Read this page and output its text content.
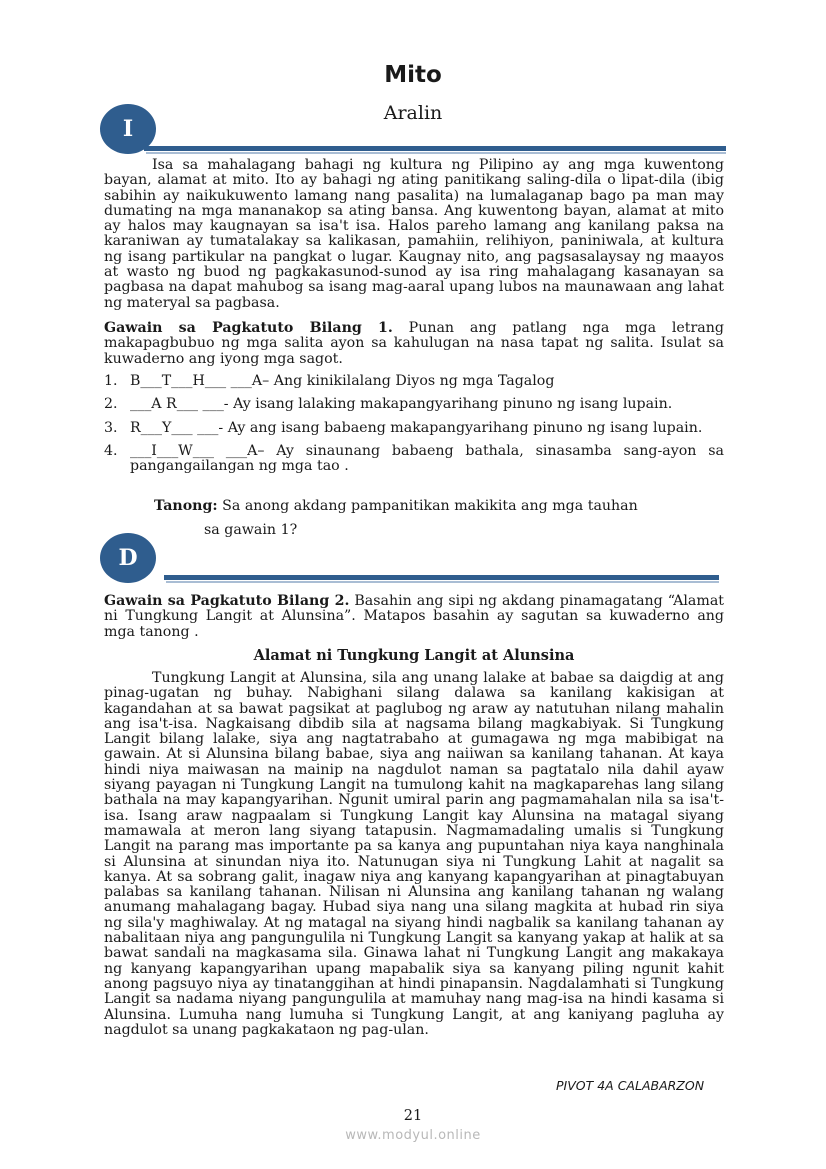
Mito
Aralin
I
Isa sa mahalagang bahagi ng kultura ng Pilipino ay ang mga kuwentong bayan, alamat at mito. Ito ay bahagi ng ating panitikang saling-dila o lipat-dila (ibig sabihin ay naikukuwento lamang nang pasalita) na lumalaganap bago pa man may dumating na mga mananakop sa ating bansa. Ang kuwentong bayan, alamat at mito ay halos may kaugnayan sa isa't isa. Halos pareho lamang ang kanilang paksa na karaniwan ay tumatalakay sa kalikasan, pamahiin, relihiyon, paniniwala, at kultura ng isang partikular na pangkat o lugar. Kaugnay nito, ang pagsasalaysay ng maayos at wasto ng buod ng pagkakasunod-sunod ay isa ring mahalagang kasanayan sa pagbasa na dapat mahubog sa isang mag-aaral upang lubos na maunawaan ang lahat ng materyal sa pagbasa.
Gawain sa Pagkatuto Bilang 1. Punan ang patlang nga mga letrang makapagbubuo ng mga salita ayon sa kahulugan na nasa tapat ng salita. Isulat sa kuwaderno ang iyong mga sagot.
1. B___T___H___ ___A– Ang kinikilalang Diyos ng mga Tagalog
2. ___A R___ ___- Ay isang lalaking makapangyarihang pinuno ng isang lupain.
3. R___Y___ ___- Ay ang isang babaeng makapangyarihang pinuno ng isang lupain.
4. ___I___W___ ___A– Ay sinaunang babaeng bathala, sinasamba sang-ayon sa pangangailangan ng mga tao .
Tanong: Sa anong akdang pampanitikan makikita ang mga tauhan
sa gawain 1?
D
Gawain sa Pagkatuto Bilang 2. Basahin ang sipi ng akdang pinamagatang “Alamat ni Tungkung Langit at Alunsina”. Matapos basahin ay sagutan sa kuwaderno ang mga tanong .
Alamat ni Tungkung Langit at Alunsina
Tungkung Langit at Alunsina, sila ang unang lalake at babae sa daigdig at ang pinag-ugatan ng buhay. Nabighani silang dalawa sa kanilang kakisigan at kagandahan at sa bawat pagsikat at paglubog ng araw ay natutuhan nilang mahalin ang isa't-isa. Nagkaisang dibdib sila at nagsama bilang magkabiyak. Si Tungkung Langit bilang lalake, siya ang nagtatrabaho at gumagawa ng mga mabibigat na gawain. At si Alunsina bilang babae, siya ang naiiwan sa kanilang tahanan. At kaya hindi niya maiwasan na mainip na nagdulot naman sa pagtatalo nila dahil ayaw siyang payagan ni Tungkung Langit na tumulong kahit na magkaparehas lang silang bathala na may kapangyarihan. Ngunit umiral parin ang pagmamahalan nila sa isa't-isa. Isang araw nagpaalam si Tungkung Langit kay Alunsina na matagal siyang mamawala at meron lang siyang tatapusin. Nagmamadaling umalis si Tungkung Langit na parang mas importante pa sa kanya ang pupuntahan niya kaya nanghinala si Alunsina at sinundan niya ito. Natunugan siya ni Tungkung Lahit at nagalit sa kanya. At sa sobrang galit, inagaw niya ang kanyang kapangyarihan at pinagtabuyan palabas sa kanilang tahanan. Nilisan ni Alunsina ang kanilang tahanan ng walang anumang mahalagang bagay. Hubad siya nang una silang magkita at hubad rin siya ng sila'y maghiwalay. At ng matagal na siyang hindi nagbalik sa kanilang tahanan ay nabalitaan niya ang pangungulila ni Tungkung Langit sa kanyang yakap at halik at sa bawat sandali na magkasama sila. Ginawa lahat ni Tungkung Langit ang makakaya ng kanyang kapangyarihan upang mapabalik siya sa kanyang piling ngunit kahit anong pagsuyo niya ay tinatanggihan at hindi pinapansin. Nagdalamhati si Tungkung Langit sa nadama niyang pangungulila at mamuhay nang mag-isa na hindi kasama si Alunsina. Lumuha nang lumuha si Tungkung Langit, at ang kaniyang pagluha ay nagdulot sa unang pagkakataon ng pag-ulan.
PIVOT 4A CALABARZON
21
www.modyul.online
